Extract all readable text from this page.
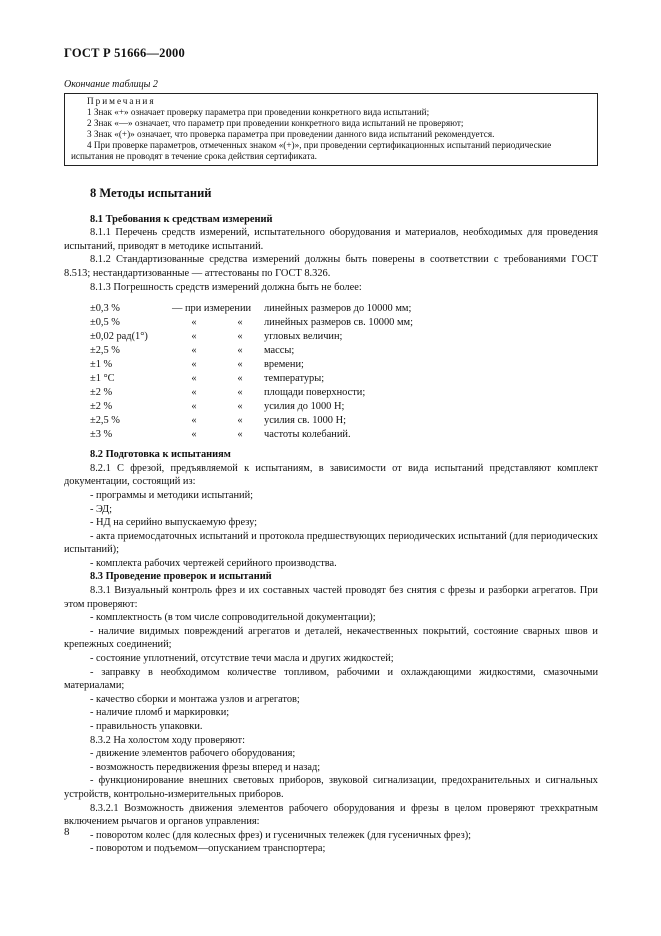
ГОСТ Р 51666—2000
Окончание таблицы 2
Примечания
1 Знак «+» означает проверку параметра при проведении конкретного вида испытаний;
2 Знак «—» означает, что параметр при проведении конкретного вида испытаний не проверяют;
3 Знак «(+)» означает, что проверка параметра при проведении данного вида испытаний рекомендуется.
4 При проверке параметров, отмеченных знаком «(+)», при проведении сертификационных испытаний периодические испытания не проводят в течение срока действия сертификата.
8 Методы испытаний
8.1 Требования к средствам измерений

8.1.1 Перечень средств измерений, испытательного оборудования и материалов, необходимых для проведения испытаний, приводят в методике испытаний.

8.1.2 Стандартизованные средства измерений должны быть поверены в соответствии с требованиями ГОСТ 8.513; нестандартизованные — аттестованы по ГОСТ 8.326.

8.1.3 Погрешность средств измерений должна быть не более:

±0,3 %	— при измерении	линейных размеров до 10000 мм;
±0,5 %	«	«	линейных размеров св. 10000 мм;
±0,02 рад(1°)	«	«	угловых величин;
±2,5 %	«	«	массы;
±1 %	«	«	времени;
±1 °С	«	«	температуры;
±2 %	«	«	площади поверхности;
±2 %	«	«	усилия до 1000 Н;
±2,5 %	«	«	усилия св. 1000 Н;
±3 %	«	«	частоты колебаний.
8.2 Подготовка к испытаниям

8.2.1 С фрезой, предъявляемой к испытаниям, в зависимости от вида испытаний представляют комплект документации, состоящий из:

- программы и методики испытаний;

- ЭД;

- НД на серийно выпускаемую фрезу;

- акта приемосдаточных испытаний и протокола предшествующих периодических испытаний (для периодических испытаний);

- комплекта рабочих чертежей серийного производства.

8.3 Проведение проверок и испытаний

8.3.1 Визуальный контроль фрез и их составных частей проводят без снятия с фрезы и разборки агрегатов. При этом проверяют:

- комплектность (в том числе сопроводительной документации);

- наличие видимых повреждений агрегатов и деталей, некачественных покрытий, состояние сварных швов и крепежных соединений;

- состояние уплотнений, отсутствие течи масла и других жидкостей;

- заправку в необходимом количестве топливом, рабочими и охлаждающими жидкостями, смазочными материалами;

- качество сборки и монтажа узлов и агрегатов;

- наличие пломб и маркировки;

- правильность упаковки.

8.3.2 На холостом ходу проверяют:

- движение элементов рабочего оборудования;

- возможность передвижения фрезы вперед и назад;

- функционирование внешних световых приборов, звуковой сигнализации, предохранительных и сигнальных устройств, контрольно-измерительных приборов.

8.3.2.1 Возможность движения элементов рабочего оборудования и фрезы в целом проверяют трехкратным включением рычагов и органов управления:

- поворотом колес (для колесных фрез) и гусеничных тележек (для гусеничных фрез);

- поворотом и подъемом—опусканием транспортера;

8
